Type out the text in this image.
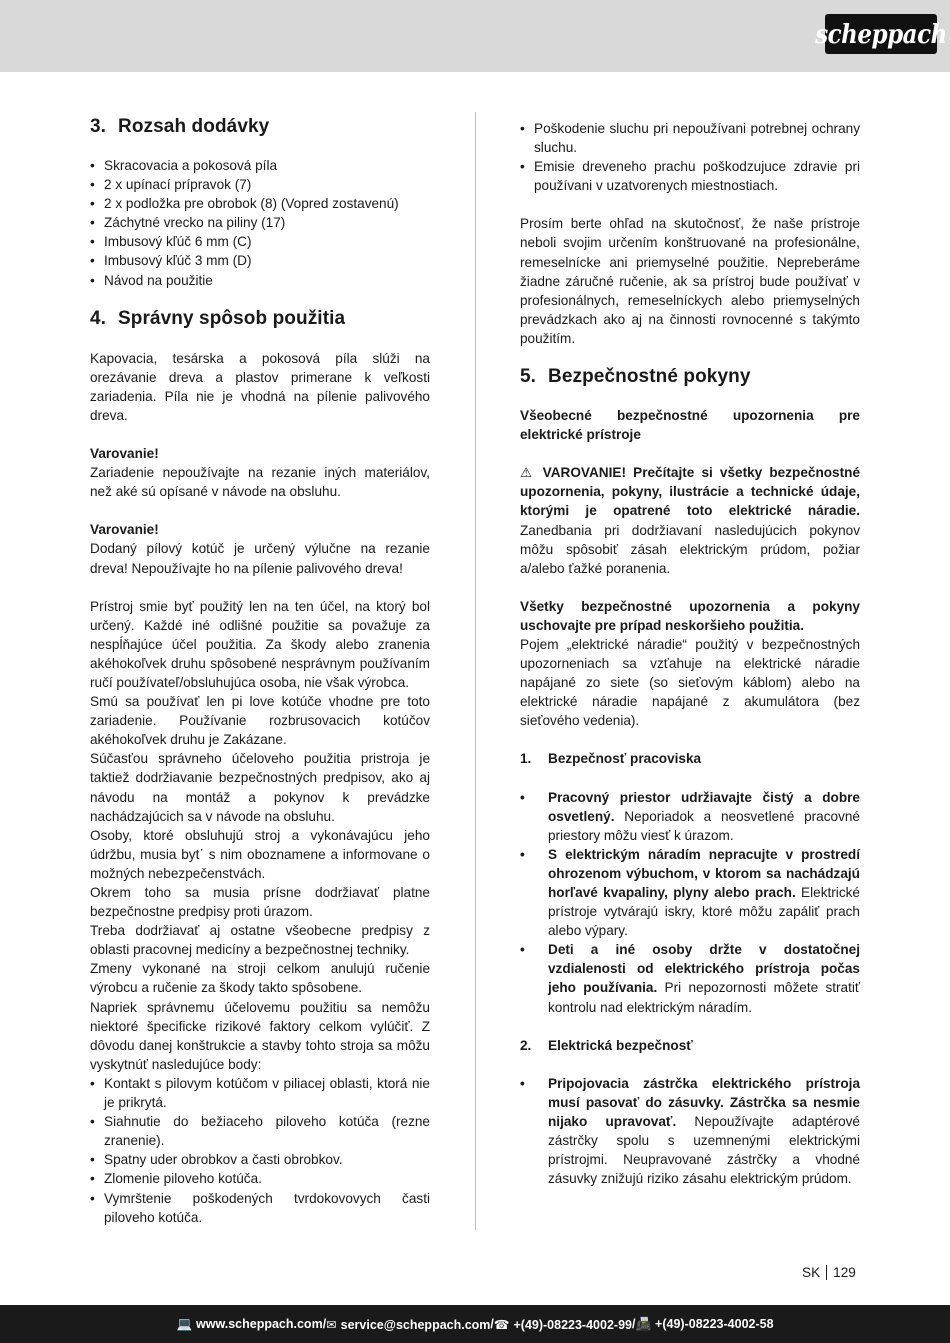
scheppach
3. Rozsah dodávky
• Skracovacia a pokosová píla
• 2 x upínací prípravok (7)
• 2 x podložka pre obrobok (8) (Vopred zostavenú)
• Záchytné vrecko na piliny (17)
• Imbusový kľúč 6 mm (C)
• Imbusový kľúč 3 mm (D)
• Návod na použitie
4. Správny spôsob použitia

Kapovacia, tesárska a pokosová píla slúži na orezávanie dreva a plastov primerane k veľkosti zariadenia. Píla nie je vhodná na pílenie palivového dreva.

Varovanie!

Zariadenie nepoužívajte na rezanie iných materiálov, než aké sú opísané v návode na obsluhu.

Varovanie!

Dodaný pílový kotúč je určený výlučne na rezanie dreva! Nepoužívajte ho na pílenie palivového dreva!

Prístroj smie byť použitý len na ten účel, na ktorý bol určený. Každé iné odlišné použitie sa považuje za nespĺňajúce účel použitia. Za škody alebo zranenia akéhokoľvek druhu spôsobené nesprávnym používaním ručí používateľ/obsluhujúca osoba, nie však výrobca.

Smú sa používať len pi love kotúče vhodne pre toto zariadenie. Používanie rozbrusovacich kotúčov akéhokoľvek druhu je Zakázane.

Súčasťou správneho účeloveho použitia pristroja je taktiež dodržiavanie bezpečnostných predpisov, ako aj návodu na montáž a pokynov k prevádzke nachádzajúcich sa v návode na obsluhu.

Osoby, ktoré obsluhujú stroj a vykonávajúcu jeho údržbu, musia byt᾽ s nim oboznamene a informovane o možných nebezpečenstvách.

Okrem toho sa musia prísne dodržiavať platne bezpečnostne predpisy proti úrazom.

Treba dodržiavať aj ostatne všeobecne predpisy z oblasti pracovnej medicíny a bezpečnostnej techniky.

Zmeny vykonané na stroji celkom anulujú ručenie výrobcu a ručenie za škody takto spôsobene.

Napriek správnemu účelovemu použitiu sa nemôžu niektoré špecificke rizikové faktory celkom vylúčiť. Z dôvodu danej konštrukcie a stavby tohto stroja sa môžu vyskytnúť nasledujúce body:

• Kontakt s pilovym kotúčom v piliacej oblasti, ktorá nie je prikrytá.
• Siahnutie do bežiaceho piloveho kotúča (rezne zranenie).
• Spatny uder obrobkov a časti obrobkov.
• Zlomenie piloveho kotúča.
• Vymrštenie poškodených tvrdokovovych časti piloveho kotúča.
• Poškodenie sluchu pri nepoužívani potrebnej ochrany sluchu.
• Emisie dreveneho prachu poškodzujuce zdravie pri používani v uzatvorenych miestnostiach.

Prosím berte ohľad na skutočnosť, že naše prístroje neboli svojim určením konštruované na profesionálne, remeselnícke ani priemyselné použitie. Nepreberáme žiadne záručné ručenie, ak sa prístroj bude používať v profesionálnych, remeselníckych alebo priemyselných prevádzkach ako aj na činnosti rovnocenné s takýmto použitím.

5. Bezpečnostné pokyny

Všeobecné bezpečnostné upozornenia pre elektrické prístroje

⚠ VAROVANIE! Prečítajte si všetky bezpečnostné upozornenia, pokyny, ilustrácie a technické údaje, ktorými je opatrené toto elektrické náradie. Zanedbania pri dodržiavaní nasledujúcich pokynov môžu spôsobiť zásah elektrickým prúdom, požiar a/alebo ťažké poranenia.

Všetky bezpečnostné upozornenia a pokyny uschovajte pre prípad neskoršieho použitia.

Pojem „elektrické náradie“ použitý v bezpečnostných upozorneniach sa vzťahuje na elektrické náradie napájané zo siete (so sieťovým káblom) alebo na elektrické náradie napájané z akumulátora (bez sieťového vedenia).

1.	Bezpečnosť pracoviska
• Pracovný priestor udržiavajte čistý a dobre osvetlený. Neporiadok a neosvetlené pracovné priestory môžu viesť k úrazom.
• S elektrickým náradím nepracujte v prostredí ohrozenom výbuchom, v ktorom sa nachádzajú horľavé kvapaliny, plyny alebo prach. Elektrické prístroje vytvárajú iskry, ktoré môžu zapáliť prach alebo výpary.
• Deti a iné osoby držte v dostatočnej vzdialenosti od elektrického prístroja počas jeho používania. Pri nepozornosti môžete stratiť kontrolu nad elektrickým náradím.
2.	Elektrická bezpečnosť
• Pripojovacia zástrčka elektrického prístroja musí pasovať do zásuvky. Zástrčka sa nesmie nijako upravovať. Nepoužívajte adaptérové zástrčky spolu s uzemnenými elektrickými prístrojmi. Neupravované zástrčky a vhodné zásuvky znižujú riziko zásahu elektrickým prúdom.
SK 129
💻 www.scheppach.com / ✉ service@scheppach.com / ☎ +(49)-08223-4002-99 / 📠 +(49)-08223-4002-58
